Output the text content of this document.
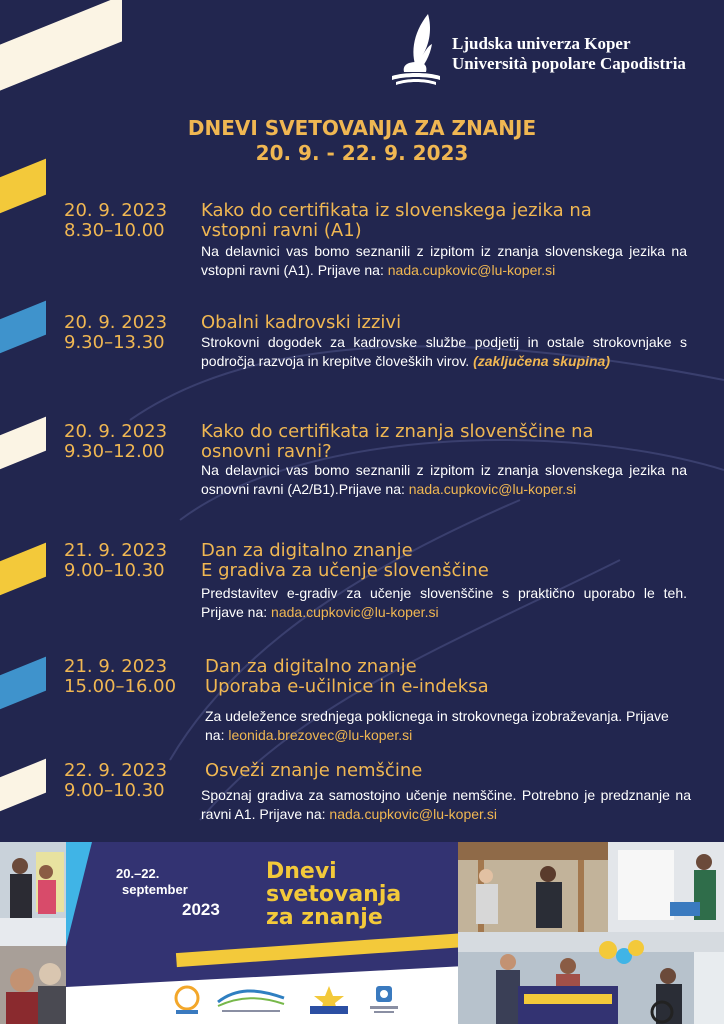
Ljudska univerza Koper
Università popolare Capodistria
DNEVI SVETOVANJA ZA ZNANJE
20. 9. - 22. 9. 2023
20. 9. 2023
8.30–10.00
Kako do certifikata iz slovenskega jezika na
vstopni ravni (A1)
Na delavnici vas bomo seznanili z izpitom iz znanja slovenskega jezika na vstopni ravni (A1). Prijave na: nada.cupkovic@lu-koper.si
20. 9. 2023
9.30–13.30
Obalni kadrovski izzivi
Strokovni dogodek za kadrovske službe podjetij in ostale strokovnjake s področja razvoja in krepitve človeških virov. (zaključena skupina)
20. 9. 2023
9.30–12.00
Kako do certifikata iz znanja slovenščine na
osnovni ravni?
Na delavnici vas bomo seznanili z izpitom iz znanja slovenskega jezika na osnovni ravni (A2/B1).Prijave na: nada.cupkovic@lu-koper.si
21. 9. 2023
9.00–10.30
Dan za digitalno znanje
E gradiva za učenje slovenščine
Predstavitev e-gradiv za učenje slovenščine s praktično uporabo le teh. Prijave na: nada.cupkovic@lu-koper.si
21. 9. 2023
15.00–16.00
Dan za digitalno znanje
Uporaba e-učilnice in e-indeksa
Za udeležence srednjega poklicnega in strokovnega izobraževanja. Prijave na: leonida.brezovec@lu-koper.si
22. 9. 2023
9.00–10.30
Osveži znanje nemščine
Spoznaj gradiva za samostojno učenje nemščine. Potrebno je predznanje na ravni A1. Prijave na: nada.cupkovic@lu-koper.si
20.–22.
september
2023
Dnevi svetovanja za znanje
